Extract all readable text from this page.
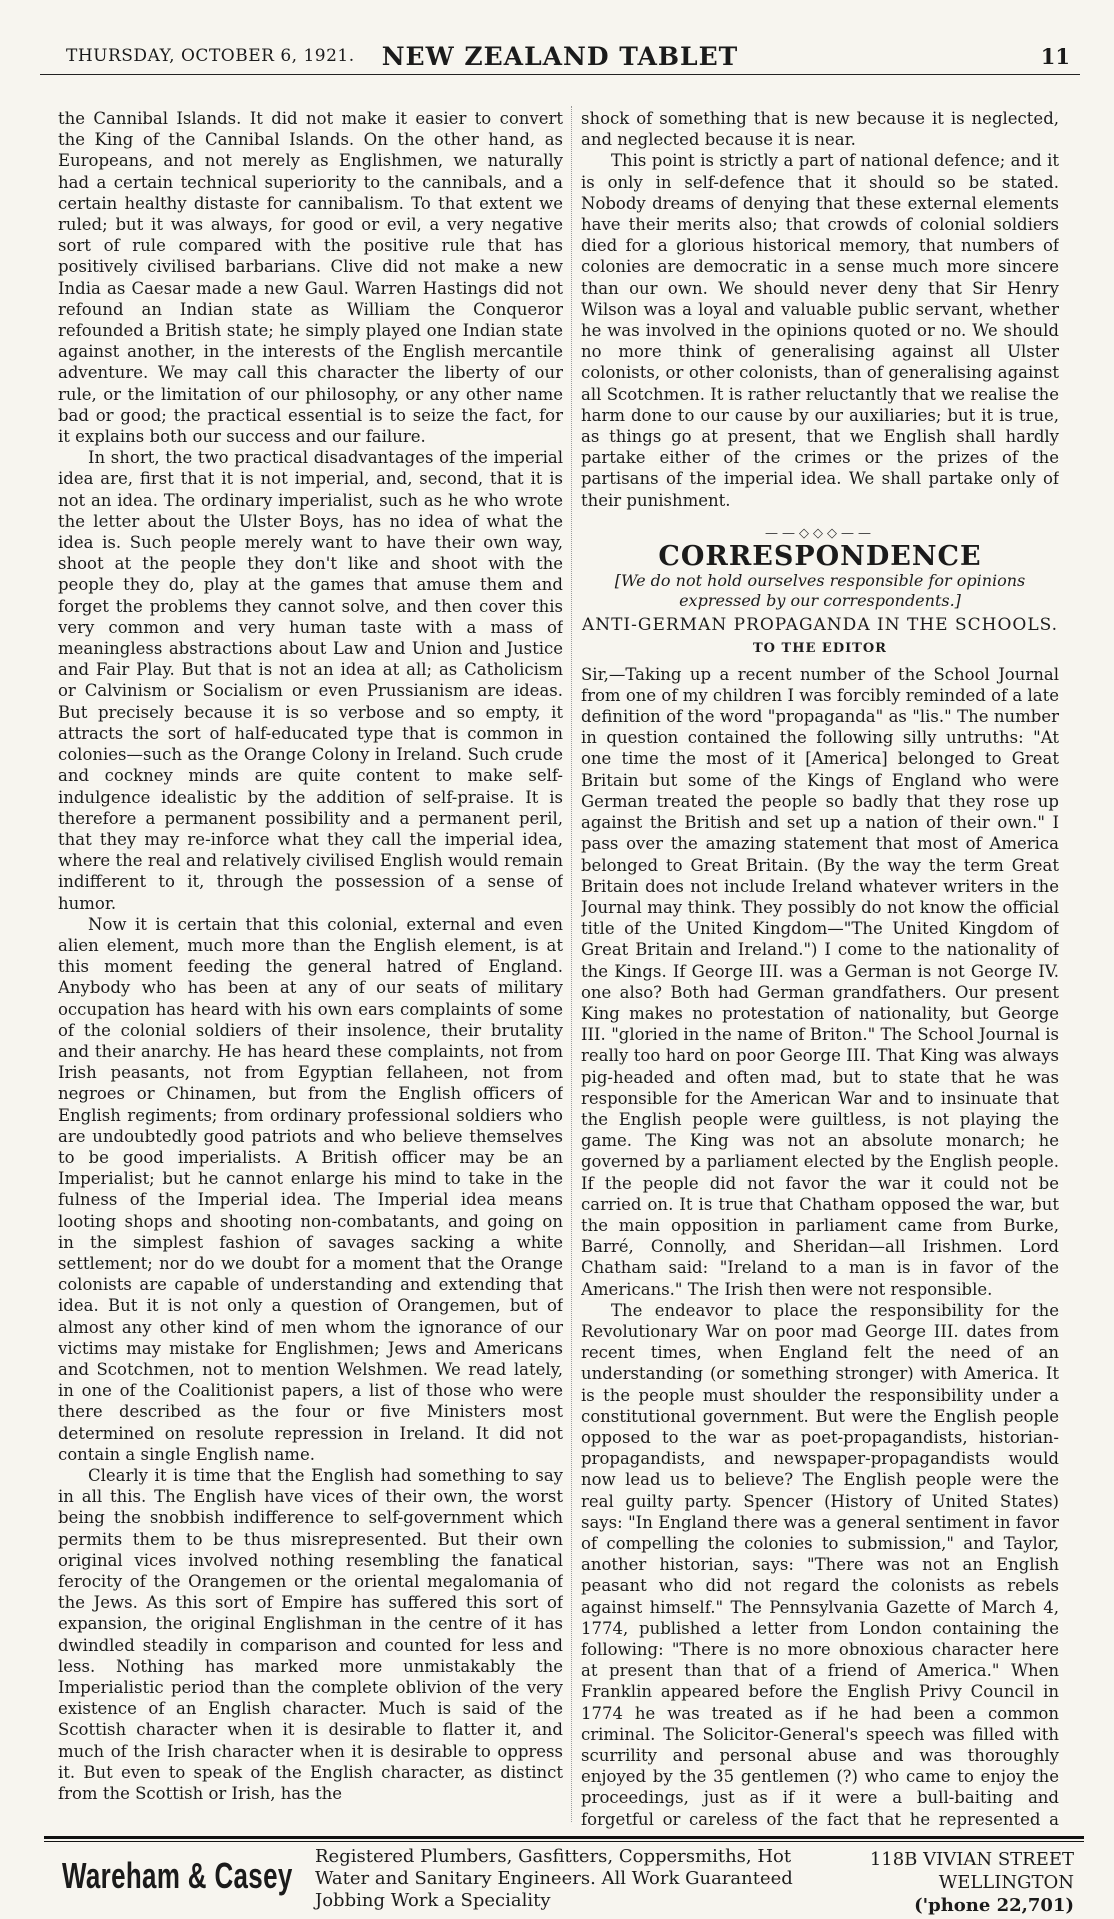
THURSDAY, OCTOBER 6, 1921.	NEW ZEALAND TABLET	11

the Cannibal Islands. It did not make it easier to convert the King of the Cannibal Islands. On the other hand, as Europeans, and not merely as Englishmen, we naturally had a certain technical superiority to the cannibals, and a certain healthy distaste for cannibalism. To that extent we ruled; but it was always, for good or evil, a very negative sort of rule compared with the positive rule that has positively civilised barbarians. Clive did not make a new India as Caesar made a new Gaul. Warren Hastings did not refound an Indian state as William the Conqueror refounded a British state; he simply played one Indian state against another, in the interests of the English mercantile adventure. We may call this character the liberty of our rule, or the limitation of our philosophy, or any other name bad or good; the practical essential is to seize the fact, for it explains both our success and our failure.

In short, the two practical disadvantages of the imperial idea are, first that it is not imperial, and, second, that it is not an idea. The ordinary imperialist, such as he who wrote the letter about the Ulster Boys, has no idea of what the idea is. Such people merely want to have their own way, shoot at the people they don't like and shoot with the people they do, play at the games that amuse them and forget the problems they cannot solve, and then cover this very common and very human taste with a mass of meaningless abstractions about Law and Union and Justice and Fair Play. But that is not an idea at all; as Catholicism or Calvinism or Socialism or even Prussianism are ideas. But precisely because it is so verbose and so empty, it attracts the sort of half-educated type that is common in colonies—such as the Orange Colony in Ireland. Such crude and cockney minds are quite content to make self-indulgence idealistic by the addition of self-praise. It is therefore a permanent possibility and a permanent peril, that they may re-inforce what they call the imperial idea, where the real and relatively civilised English would remain indifferent to it, through the possession of a sense of humor.

Now it is certain that this colonial, external and even alien element, much more than the English element, is at this moment feeding the general hatred of England. Anybody who has been at any of our seats of military occupation has heard with his own ears complaints of some of the colonial soldiers of their insolence, their brutality and their anarchy. He has heard these complaints, not from Irish peasants, not from Egyptian fellaheen, not from negroes or Chinamen, but from the English officers of English regiments; from ordinary professional soldiers who are undoubtedly good patriots and who believe themselves to be good imperialists. A British officer may be an Imperialist; but he cannot enlarge his mind to take in the fulness of the Imperial idea. The Imperial idea means looting shops and shooting non-combatants, and going on in the simplest fashion of savages sacking a white settlement; nor do we doubt for a moment that the Orange colonists are capable of understanding and extending that idea. But it is not only a question of Orangemen, but of almost any other kind of men whom the ignorance of our victims may mistake for Englishmen; Jews and Americans and Scotchmen, not to mention Welshmen. We read lately, in one of the Coalitionist papers, a list of those who were there described as the four or five Ministers most determined on resolute repression in Ireland. It did not contain a single English name.

Clearly it is time that the English had something to say in all this. The English have vices of their own, the worst being the snobbish indifference to self-government which permits them to be thus misrepresented. But their own original vices involved nothing resembling the fanatical ferocity of the Orangemen or the oriental megalomania of the Jews. As this sort of Empire has suffered this sort of expansion, the original Englishman in the centre of it has dwindled steadily in comparison and counted for less and less. Nothing has marked more unmistakably the Imperialistic period than the complete oblivion of the very existence of an English character. Much is said of the Scottish character when it is desirable to flatter it, and much of the Irish character when it is desirable to oppress it. But even to speak of the English character, as distinct from the Scottish or Irish, has the

shock of something that is new because it is neglected, and neglected because it is near.

This point is strictly a part of national defence; and it is only in self-defence that it should so be stated. Nobody dreams of denying that these external elements have their merits also; that crowds of colonial soldiers died for a glorious historical memory, that numbers of colonies are democratic in a sense much more sincere than our own. We should never deny that Sir Henry Wilson was a loyal and valuable public servant, whether he was involved in the opinions quoted or no. We should no more think of generalising against all Ulster colonists, or other colonists, than of generalising against all Scotchmen. It is rather reluctantly that we realise the harm done to our cause by our auxiliaries; but it is true, as things go at present, that we English shall hardly partake either of the crimes or the prizes of the partisans of the imperial idea. We shall partake only of their punishment.

——◇◇◇——
CORRESPONDENCE
[We do not hold ourselves responsible for opinions expressed by our correspondents.]
ANTI-GERMAN PROPAGANDA IN THE SCHOOLS.
TO THE EDITOR

Sir,—Taking up a recent number of the School Journal from one of my children I was forcibly reminded of a late definition of the word "propaganda" as "lis." The number in question contained the following silly untruths: "At one time the most of it [America] belonged to Great Britain but some of the Kings of England who were German treated the people so badly that they rose up against the British and set up a nation of their own." I pass over the amazing statement that most of America belonged to Great Britain. (By the way the term Great Britain does not include Ireland whatever writers in the Journal may think. They possibly do not know the official title of the United Kingdom—"The United Kingdom of Great Britain and Ireland.") I come to the nationality of the Kings. If George III. was a German is not George IV. one also? Both had German grandfathers. Our present King makes no protestation of nationality, but George III. "gloried in the name of Briton." The School Journal is really too hard on poor George III. That King was always pig-headed and often mad, but to state that he was responsible for the American War and to insinuate that the English people were guiltless, is not playing the game. The King was not an absolute monarch; he governed by a parliament elected by the English people. If the people did not favor the war it could not be carried on. It is true that Chatham opposed the war, but the main opposition in parliament came from Burke, Barré, Connolly, and Sheridan—all Irishmen. Lord Chatham said: "Ireland to a man is in favor of the Americans." The Irish then were not responsible.

The endeavor to place the responsibility for the Revolutionary War on poor mad George III. dates from recent times, when England felt the need of an understanding (or something stronger) with America. It is the people must shoulder the responsibility under a constitutional government. But were the English people opposed to the war as poet-propagandists, historian-propagandists, and newspaper-propagandists would now lead us to believe? The English people were the real guilty party. Spencer (History of United States) says: "In England there was a general sentiment in favor of compelling the colonies to submission," and Taylor, another historian, says: "There was not an English peasant who did not regard the colonists as rebels against himself." The Pennsylvania Gazette of March 4, 1774, published a letter from London containing the following: "There is no more obnoxious character here at present than that of a friend of America." When Franklin appeared before the English Privy Council in 1774 he was treated as if he had been a common criminal. The Solicitor-General's speech was filled with scurrility and personal abuse and was thoroughly enjoyed by the 35 gentlemen (?) who came to enjoy the proceedings, just as if it were a bull-baiting and forgetful or careless of the fact that he represented a

Wareham & Casey Registered Plumbers, Gasfitters, Coppersmiths, Hot
Water and Sanitary Engineers. All Work Guaranteed
Jobbing Work a Speciality
118B VIVIAN STREET
WELLINGTON
('phone 22,701)
